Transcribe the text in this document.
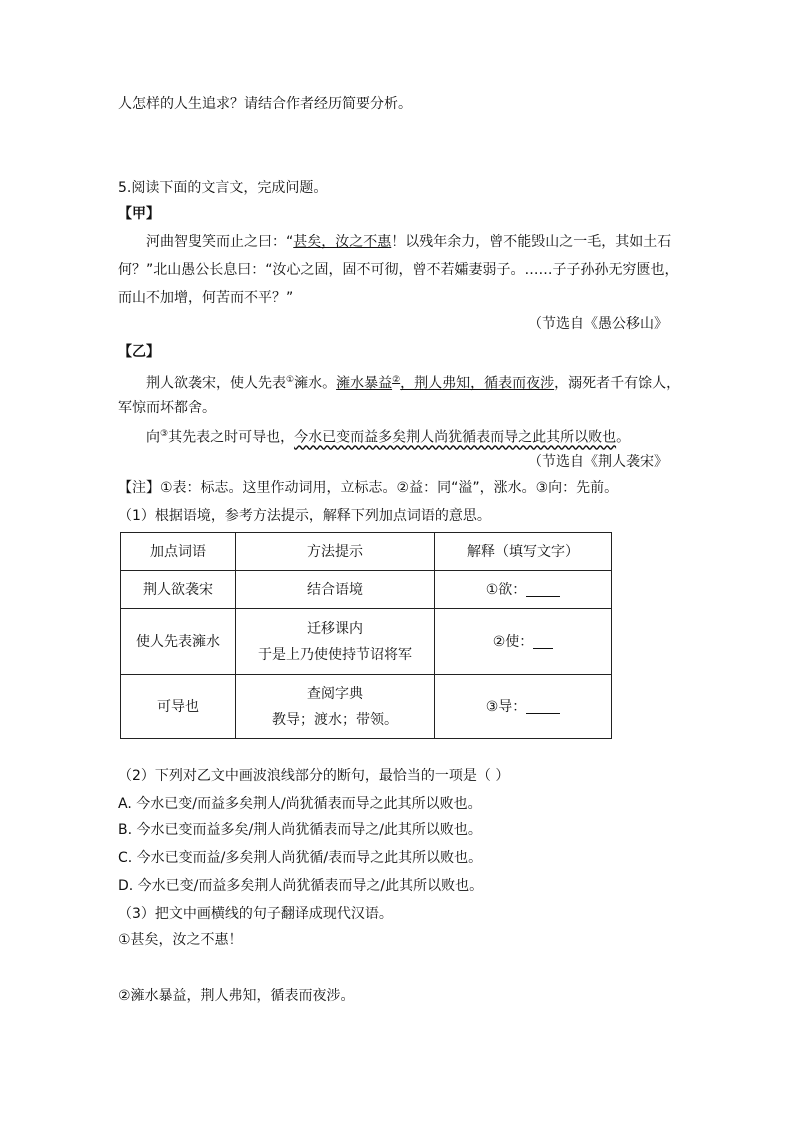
人怎样的人生追求？请结合作者经历简要分析。
5.阅读下面的文言文，完成问题。
【甲】
河曲智叟笑而止之曰：“甚矣，汝之不惠！以残年余力，曾不能毁山之一毛，其如土石
何？”北山愚公长息曰：“汝心之固，固不可彻，曾不若孀妻弱子。……子子孙孙无穷匮也，
而山不加增，何苦而不平？”
（节选自《愚公移山》
【乙】
荆人欲袭宋，使人先表①澭水。澭水暴益②，荆人弗知，循表而夜涉，溺死者千有馀人，
军惊而坏都舍。
向③其先表之时可导也，今水已变而益多矣荆人尚犹循表而导之此其所以败也。
（节选自《荆人袭宋》
【注】①表：标志。这里作动词用，立标志。②益：同“溢”，涨水。③向：先前。
（1）根据语境，参考方法提示，解释下列加点词语的意思。
加点词语	方法提示	解释（填写文字）
荆人欲袭宋	结合语境	①欲：
使人先表澭水	迁移课内
于是上乃使使持节诏将军	②使：
可导也	查阅字典
教导；渡水；带领。	③导：
（2）下列对乙文中画波浪线部分的断句，最恰当的一项是（ ）
A. 今水已变/而益多矣荆人/尚犹循表而导之此其所以败也。
B. 今水已变而益多矣/荆人尚犹循表而导之/此其所以败也。
C. 今水已变而益/多矣荆人尚犹循/表而导之此其所以败也。
D. 今水已变/而益多矣荆人尚犹循表而导之/此其所以败也。
（3）把文中画横线的句子翻译成现代汉语。
①甚矣，汝之不惠！
②澭水暴益，荆人弗知，循表而夜涉。
